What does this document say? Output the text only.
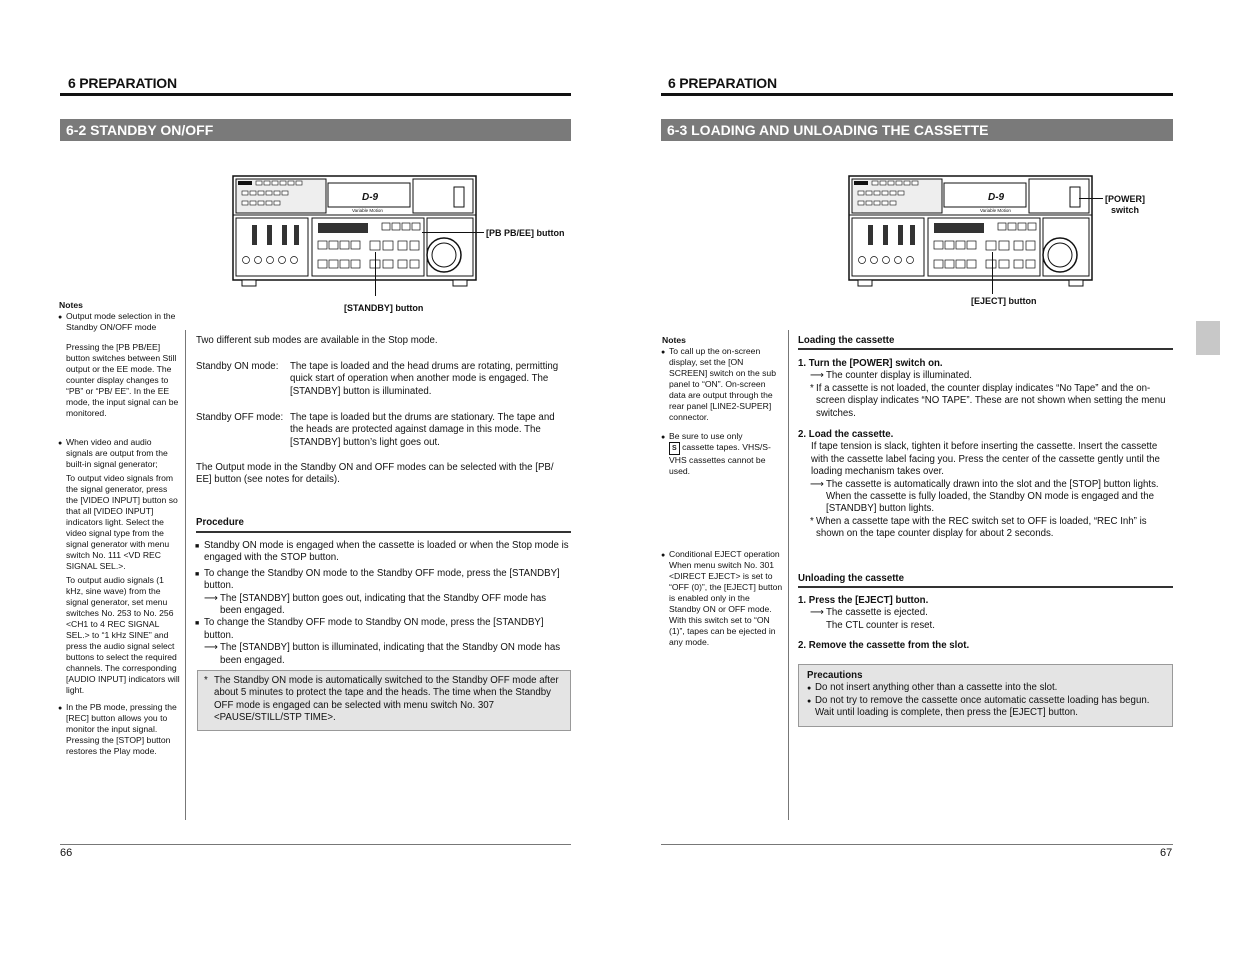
6 PREPARATION
6-2 STANDBY ON/OFF
D-9
Variable Motion
[PB PB/EE] button
[STANDBY] button
Notes
● Output mode selection in the Standby ON/OFF mode
Pressing the [PB PB/EE] button switches between Still output or the EE mode. The counter display changes to “PB” or “PB/ EE”. In the EE mode, the input signal can be monitored.
● When video and audio signals are output from the built-in signal generator;
To output video signals from the signal generator, press the [VIDEO INPUT] button so that all [VIDEO INPUT] indicators light. Select the video signal type from the signal generator with menu switch No. 111 <VD REC SIGNAL SEL.>.
To output audio signals (1 kHz, sine wave) from the signal generator, set menu switches No. 253 to No. 256 <CH1 to 4 REC SIGNAL SEL.> to “1 kHz SINE” and press the audio signal select buttons to select the required channels. The corresponding [AUDIO INPUT] indicators will light.
● In the PB mode, pressing the [REC] button allows you to monitor the input signal. Pressing the [STOP] button restores the Play mode.
Two different sub modes are available in the Stop mode.
Standby ON mode:	The tape is loaded and the head drums are rotating, permitting quick start of operation when another mode is engaged. The [STANDBY] button is illuminated.
Standby OFF mode: The tape is loaded but the drums are stationary. The tape and the heads are protected against damage in this mode. The [STANDBY] button’s light goes out.
The Output mode in the Standby ON and OFF modes can be selected with the [PB/ EE] button (see notes for details).
Procedure
■ Standby ON mode is engaged when the cassette is loaded or when the Stop mode is engaged with the STOP button.
■ To change the Standby ON mode to the Standby OFF mode, press the [STANDBY] button.
⟶ The [STANDBY] button goes out, indicating that the Standby OFF mode has been engaged.
■ To change the Standby OFF mode to Standby ON mode, press the [STANDBY] button.
⟶ The [STANDBY] button is illuminated, indicating that the Standby ON mode has been engaged.
* The Standby ON mode is automatically switched to the Standby OFF mode after about 5 minutes to protect the tape and the heads. The time when the Standby OFF mode is engaged can be selected with menu switch No. 307 <PAUSE/STILL/STP TIME>.
66
6 PREPARATION
6-3 LOADING AND UNLOADING THE CASSETTE
D-9
Variable Motion
[POWER] switch
[EJECT] button
Notes
● To call up the on-screen display, set the [ON SCREEN] switch on the sub panel to “ON”. On-screen data are output through the rear panel [LINE2-SUPER] connector.
● Be sure to use only
S cassette tapes. VHS/S-VHS cassettes cannot be used.
● Conditional EJECT operation When menu switch No. 301 <DIRECT EJECT> is set to “OFF (0)”, the [EJECT] button is enabled only in the Standby ON or OFF mode. With this switch set to “ON (1)”, tapes can be ejected in any mode.
Loading the cassette
1. Turn the [POWER] switch on.
⟶ The counter display is illuminated.
* If a cassette is not loaded, the counter display indicates “No Tape” and the on-screen display indicates “NO TAPE”. These are not shown when setting the menu switches.
2. Load the cassette.
If tape tension is slack, tighten it before inserting the cassette. Insert the cassette with the cassette label facing you. Press the center of the cassette gently until the loading mechanism takes over.
⟶ The cassette is automatically drawn into the slot and the [STOP] button lights.
When the cassette is fully loaded, the Standby ON mode is engaged and the [STANDBY] button lights.
* When a cassette tape with the REC switch set to OFF is loaded, “REC Inh” is shown on the tape counter display for about 2 seconds.
Unloading the cassette
1. Press the [EJECT] button.
⟶ The cassette is ejected.
The CTL counter is reset.
2. Remove the cassette from the slot.
Precautions
● Do not insert anything other than a cassette into the slot.
● Do not try to remove the cassette once automatic cassette loading has begun. Wait until loading is complete, then press the [EJECT] button.
67
